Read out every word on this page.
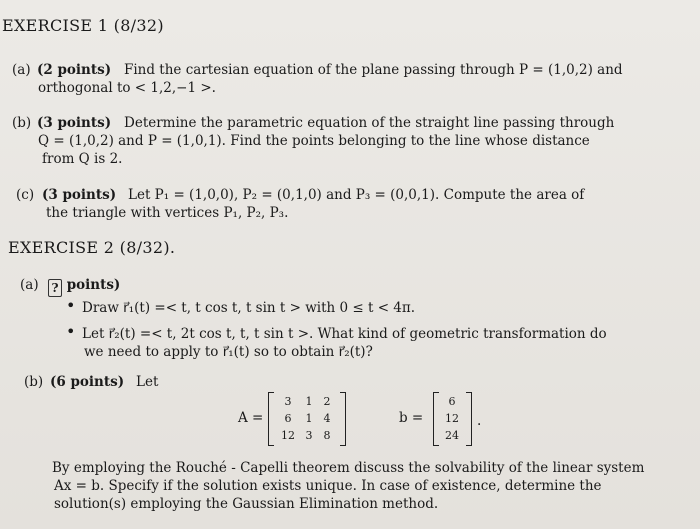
EXERCISE 1 (8/32)
(a) (2 points) Find the cartesian equation of the plane passing through P = (1,0,2) and
orthogonal to < 1,2,−1 >.
(b) (3 points) Determine the parametric equation of the straight line passing through
Q = (1,0,2) and P = (1,0,1). Find the points belonging to the line whose distance
from Q is 2.
(c) (3 points) Let P₁ = (1,0,0), P₂ = (0,1,0) and P₃ = (0,0,1). Compute the area of
the triangle with vertices P₁, P₂, P₃.
EXERCISE 2 (8/32).
(a) ? points)
• Draw r⃗₁(t) =< t, t cos t, t sin t > with 0 ≤ t < 4π.
• Let r⃗₂(t) =< t, 2t cos t, t, t sin t >. What kind of geometric transformation do
we need to apply to r⃗₁(t) so to obtain r⃗₂(t)?
(b) (6 points) Let
A =
3	1	2
6	1	4
12 3	8
b =
6
12
24
.
By employing the Rouché - Capelli theorem discuss the solvability of the linear system
Ax = b. Specify if the solution exists unique. In case of existence, determine the
solution(s) employing the Gaussian Elimination method.
